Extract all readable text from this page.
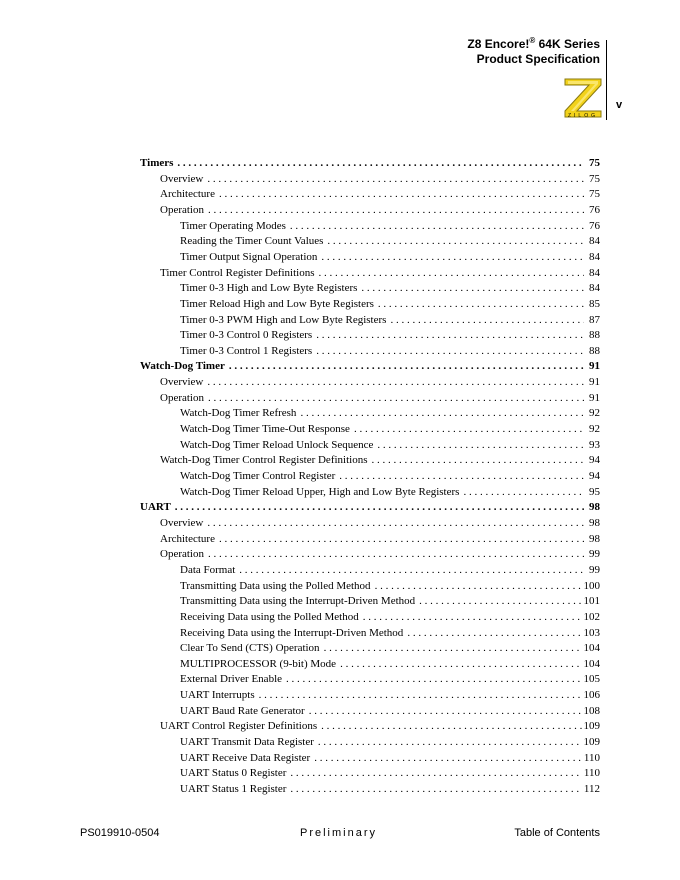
Z8 Encore!® 64K Series
Product Specification
v
ZILOG
Timers . . .	75
Overview . . .	75
Architecture . . .	75
Operation . . .	76
Timer Operating Modes . . .	76
Reading the Timer Count Values . . .	84
Timer Output Signal Operation . . .	84
Timer Control Register Definitions . . .	84
Timer 0-3 High and Low Byte Registers . . .	84
Timer Reload High and Low Byte Registers . . .	85
Timer 0-3 PWM High and Low Byte Registers . . .	87
Timer 0-3 Control 0 Registers . . .	88
Timer 0-3 Control 1 Registers . . .	88
Watch-Dog Timer . . .	91
Overview . . .	91
Operation . . .	91
Watch-Dog Timer Refresh . . .	92
Watch-Dog Timer Time-Out Response . . .	92
Watch-Dog Timer Reload Unlock Sequence . . .	93
Watch-Dog Timer Control Register Definitions . . .	94
Watch-Dog Timer Control Register . . .	94
Watch-Dog Timer Reload Upper, High and Low Byte Registers . . .	95
UART . . .	98
Overview . . .	98
Architecture . . .	98
Operation . . .	99
Data Format . . .	99
Transmitting Data using the Polled Method . . .	100
Transmitting Data using the Interrupt-Driven Method . . .	101
Receiving Data using the Polled Method . . .	102
Receiving Data using the Interrupt-Driven Method . . .	103
Clear To Send (CTS) Operation . . .	104
MULTIPROCESSOR (9-bit) Mode . . .	104
External Driver Enable . . .	105
UART Interrupts . . .	106
UART Baud Rate Generator . . .	108
UART Control Register Definitions . . .	109
UART Transmit Data Register . . .	109
UART Receive Data Register . . .	110
UART Status 0 Register . . .	110
UART Status 1 Register . . .	112
PS019910-0504	Preliminary	Table of Contents
